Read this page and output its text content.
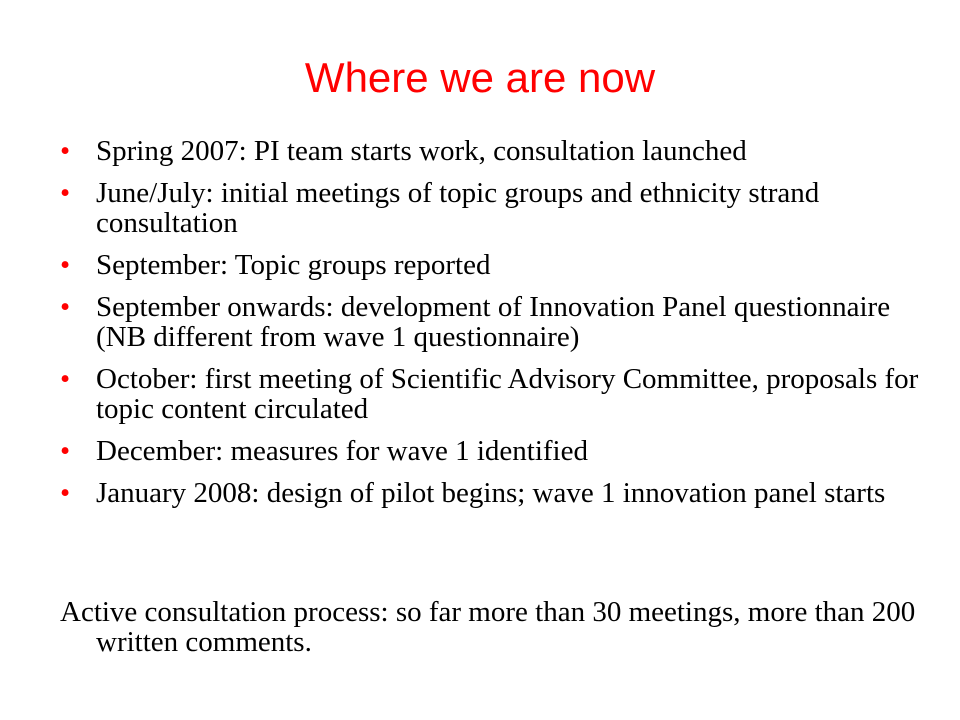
Where we are now
• Spring 2007: PI team starts work, consultation launched
• June/July: initial meetings of topic groups and ethnicity strand consultation
• September: Topic groups reported
• September onwards: development of Innovation Panel questionnaire (NB different from wave 1 questionnaire)
• October: first meeting of Scientific Advisory Committee, proposals for topic content circulated
• December: measures for wave 1 identified
• January 2008: design of pilot begins; wave 1 innovation panel starts

Active consultation process: so far more than 30 meetings, more than 200 written comments.
